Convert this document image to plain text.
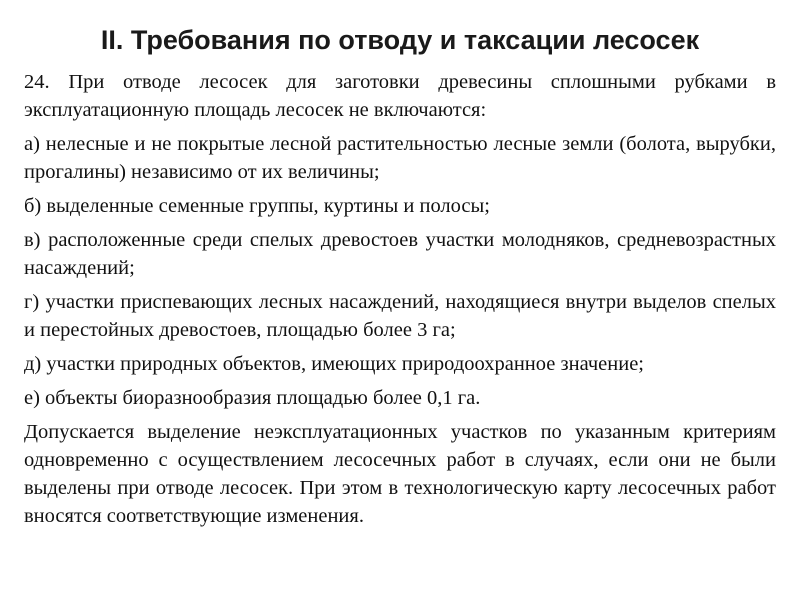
II. Требования по отводу и таксации лесосек

24. При отводе лесосек для заготовки древесины сплошными рубками в эксплуатационную площадь лесосек не включаются:

а) нелесные и не покрытые лесной растительностью лесные земли (болота, вырубки, прогалины) независимо от их величины;

б) выделенные семенные группы, куртины и полосы;

в) расположенные среди спелых древостоев участки молодняков, средневозрастных насаждений;

г) участки приспевающих лесных насаждений, находящиеся внутри выделов спелых и перестойных древостоев, площадью более 3 га;

д) участки природных объектов, имеющих природоохранное значение;

е) объекты биоразнообразия площадью более 0,1 га.

Допускается выделение неэксплуатационных участков по указанным критериям одновременно с осуществлением лесосечных работ в случаях, если они не были выделены при отводе лесосек. При этом в технологическую карту лесосечных работ вносятся соответствующие изменения.
